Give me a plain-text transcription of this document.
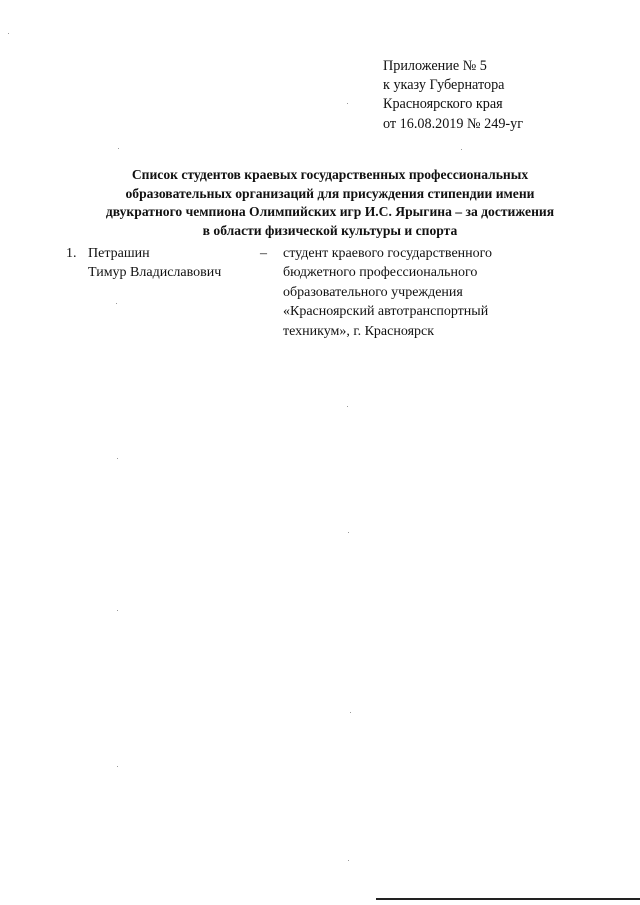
Приложение № 5
к указу Губернатора
Красноярского края
от 16.08.2019 № 249-уг
Список студентов краевых государственных профессиональных
образовательных организаций для присуждения стипендии имени
двукратного чемпиона Олимпийских игр И.С. Ярыгина – за достижения
в области физической культуры и спорта
1. Петрашин
Тимур Владиславович
– студент краевого государственного
бюджетного профессионального
образовательного учреждения
«Красноярский автотранспортный
техникум», г. Красноярск
